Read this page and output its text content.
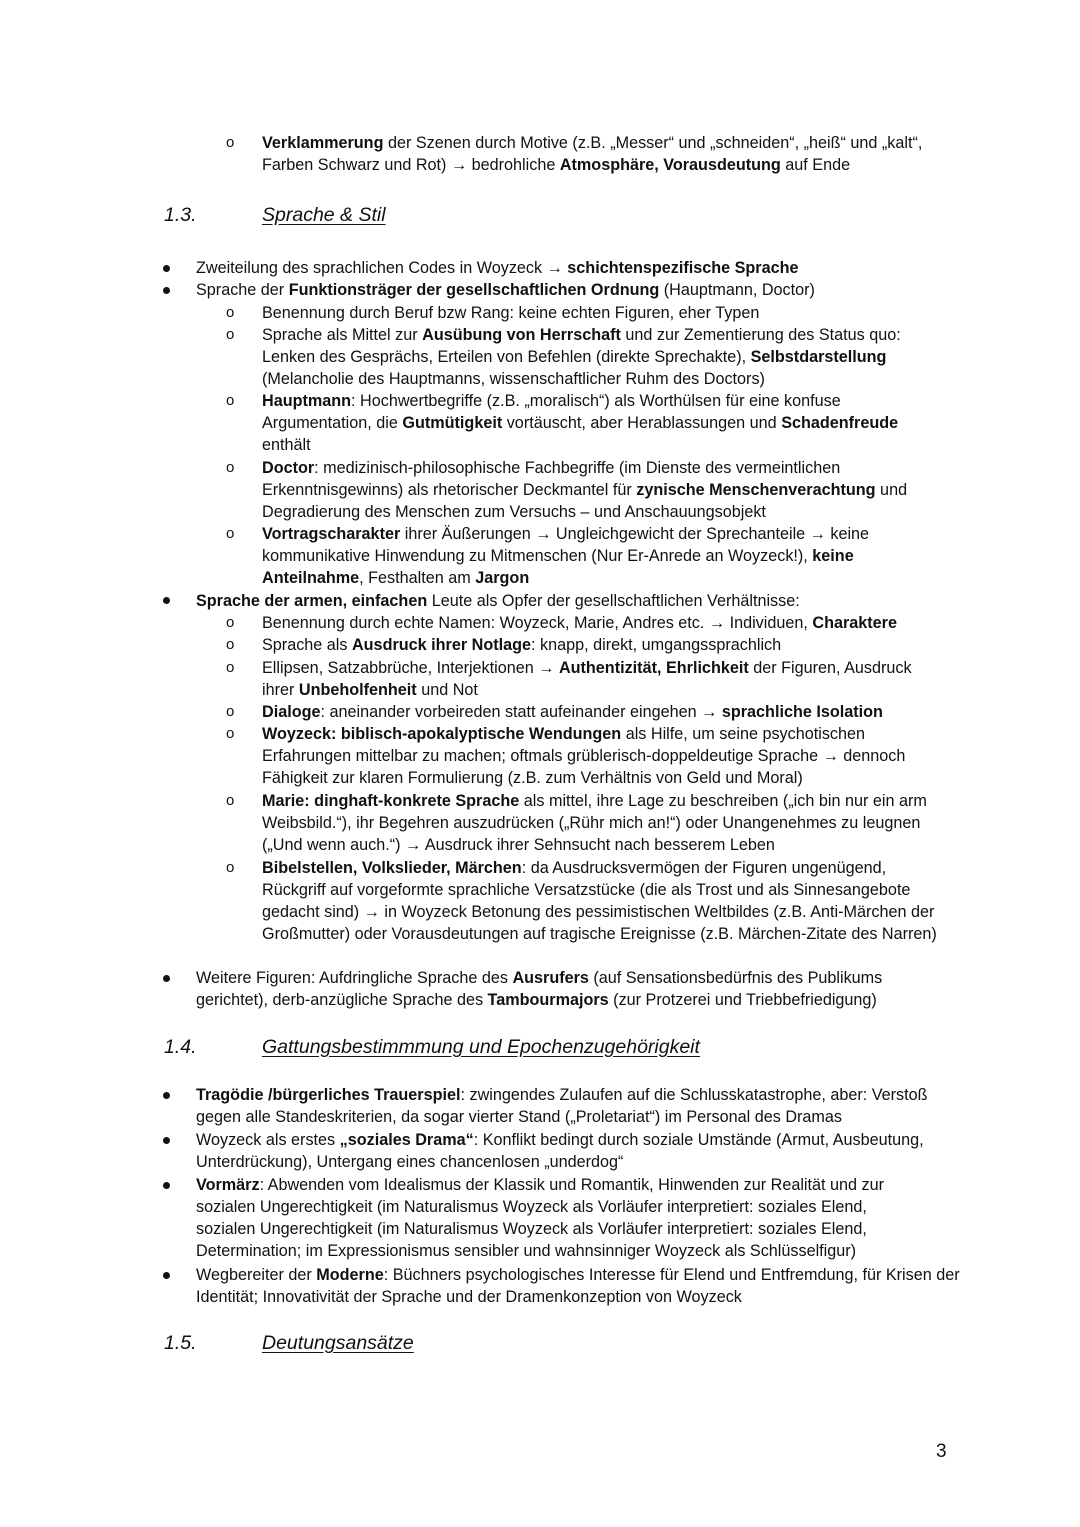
o Verklammerung der Szenen durch Motive (z.B. „Messer“ und „schneiden“, „heiß“ und „kalt“, Farben Schwarz und Rot) → bedrohliche Atmosphäre, Vorausdeutung auf Ende
1.3.	Sprache & Stil
Zweiteilung des sprachlichen Codes in Woyzeck → schichtenspezifische Sprache
Sprache der Funktionsträger der gesellschaftlichen Ordnung (Hauptmann, Doctor)
o Benennung durch Beruf bzw Rang: keine echten Figuren, eher Typen
o Sprache als Mittel zur Ausübung von Herrschaft und zur Zementierung des Status quo: Lenken des Gesprächs, Erteilen von Befehlen (direkte Sprechakte), Selbstdarstellung (Melancholie des Hauptmanns, wissenschaftlicher Ruhm des Doctors)
o Hauptmann: Hochwertbegriffe (z.B. „moralisch“) als Worthülsen für eine konfuse Argumentation, die Gutmütigkeit vortäuscht, aber Herablassungen und Schadenfreude enthält
o Doctor: medizinisch-philosophische Fachbegriffe (im Dienste des vermeintlichen Erkenntnisgewinns) als rhetorischer Deckmantel für zynische Menschenverachtung und Degradierung des Menschen zum Versuchs – und Anschauungsobjekt
o Vortragscharakter ihrer Äußerungen → Ungleichgewicht der Sprechanteile → keine kommunikative Hinwendung zu Mitmenschen (Nur Er-Anrede an Woyzeck!), keine Anteilnahme, Festhalten am Jargon
Sprache der armen, einfachen Leute als Opfer der gesellschaftlichen Verhältnisse:
o Benennung durch echte Namen: Woyzeck, Marie, Andres etc. → Individuen, Charaktere
o Sprache als Ausdruck ihrer Notlage: knapp, direkt, umgangssprachlich
o Ellipsen, Satzabbrüche, Interjektionen → Authentizität, Ehrlichkeit der Figuren, Ausdruck ihrer Unbeholfenheit und Not
o Dialoge: aneinander vorbeireden statt aufeinander eingehen → sprachliche Isolation
o Woyzeck: biblisch-apokalyptische Wendungen als Hilfe, um seine psychotischen Erfahrungen mittelbar zu machen; oftmals grüblerisch-doppeldeutige Sprache → dennoch Fähigkeit zur klaren Formulierung (z.B. zum Verhältnis von Geld und Moral)
o Marie: dinghaft-konkrete Sprache als mittel, ihre Lage zu beschreiben („ich bin nur ein arm Weibsbild.“), ihr Begehren auszudrücken („Rühr mich an!“) oder Unangenehmes zu leugnen („Und wenn auch.“) → Ausdruck ihrer Sehnsucht nach besserem Leben
o Bibelstellen, Volkslieder, Märchen: da Ausdrucksvermögen der Figuren ungenügend, Rückgriff auf vorgeformte sprachliche Versatzstücke (die als Trost und als Sinnesangebote gedacht sind) → in Woyzeck Betonung des pessimistischen Weltbildes (z.B. Anti-Märchen der Großmutter) oder Vorausdeutungen auf tragische Ereignisse (z.B. Märchen-Zitate des Narren)
Weitere Figuren: Aufdringliche Sprache des Ausrufers (auf Sensationsbedürfnis des Publikums gerichtet), derb-anzügliche Sprache des Tambourmajors (zur Protzerei und Triebbefriedigung)
1.4.	Gattungsbestimmmung und Epochenzugehörigkeit
Tragödie /bürgerliches Trauerspiel: zwingendes Zulaufen auf die Schlusskatastrophe, aber: Verstoß gegen alle Standeskriterien, da sogar vierter Stand („Proletariat“) im Personal des Dramas
Woyzeck als erstes „soziales Drama“: Konflikt bedingt durch soziale Umstände (Armut, Ausbeutung, Unterdrückung), Untergang eines chancenlosen „underdog“
Vormärz: Abwenden vom Idealismus der Klassik und Romantik, Hinwenden zur Realität und zur sozialen Ungerechtigkeit (im Naturalismus Woyzeck als Vorläufer interpretiert: soziales Elend, sozialen Ungerechtigkeit (im Naturalismus Woyzeck als Vorläufer interpretiert: soziales Elend, Determination; im Expressionismus sensibler und wahnsinniger Woyzeck als Schlüsselfigur)
Wegbereiter der Moderne: Büchners psychologisches Interesse für Elend und Entfremdung, für Krisen der Identität; Innovativität der Sprache und der Dramenkonzeption von Woyzeck
1.5.	Deutungsansätze
3
